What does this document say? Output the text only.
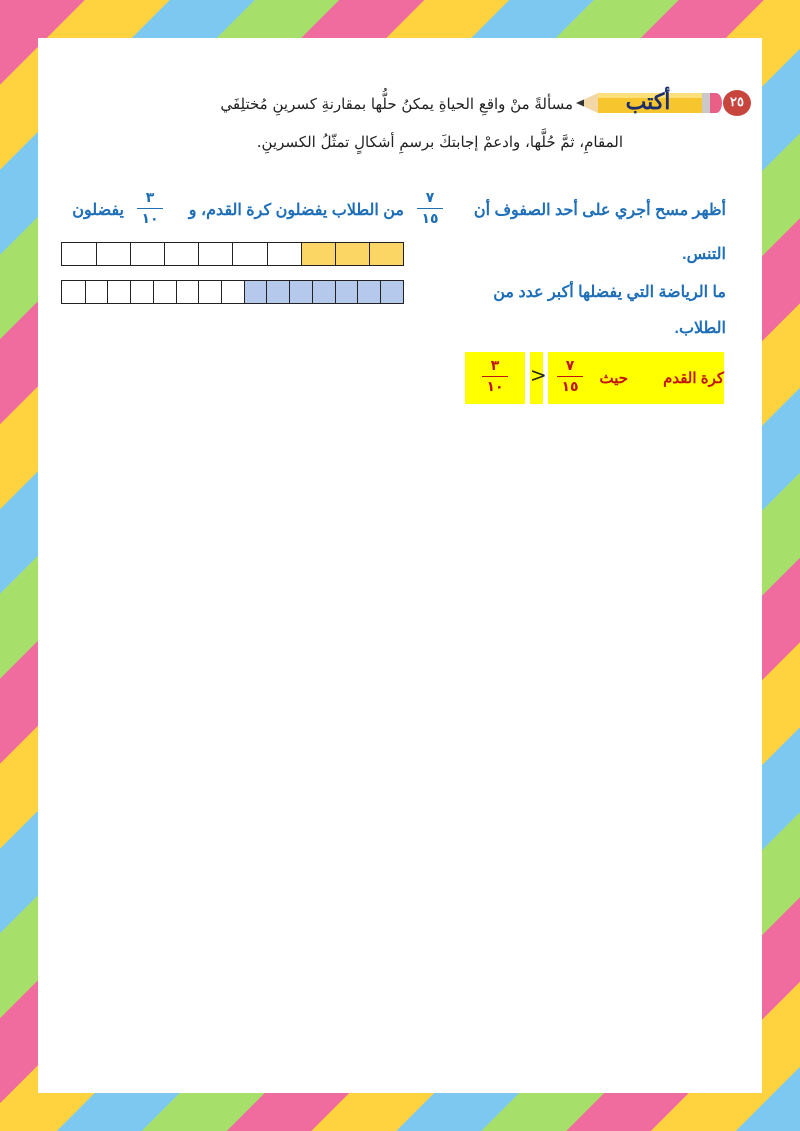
٢٥
أكتب
مسألةً منْ واقعِ الحياةِ يمكنُ حلُّها بمقارنةِ كسرينِ مُختلِفَي
المقامِ، ثمَّ حُلَّها، وادعمْ إجابتكَ برسمِ أشكالٍ تمثّلُ الكسرينِ.
أظهر مسح أجري على أحد الصفوف أن
٧
١٥
من الطلاب يفضلون كرة القدم، و
٣
١٠
يفضلون
التنس.
ما الرياضة التي يفضلها أكبر عدد من
الطلاب.
كرة القدم
حيث
٧
١٥
>
٣
١٠
